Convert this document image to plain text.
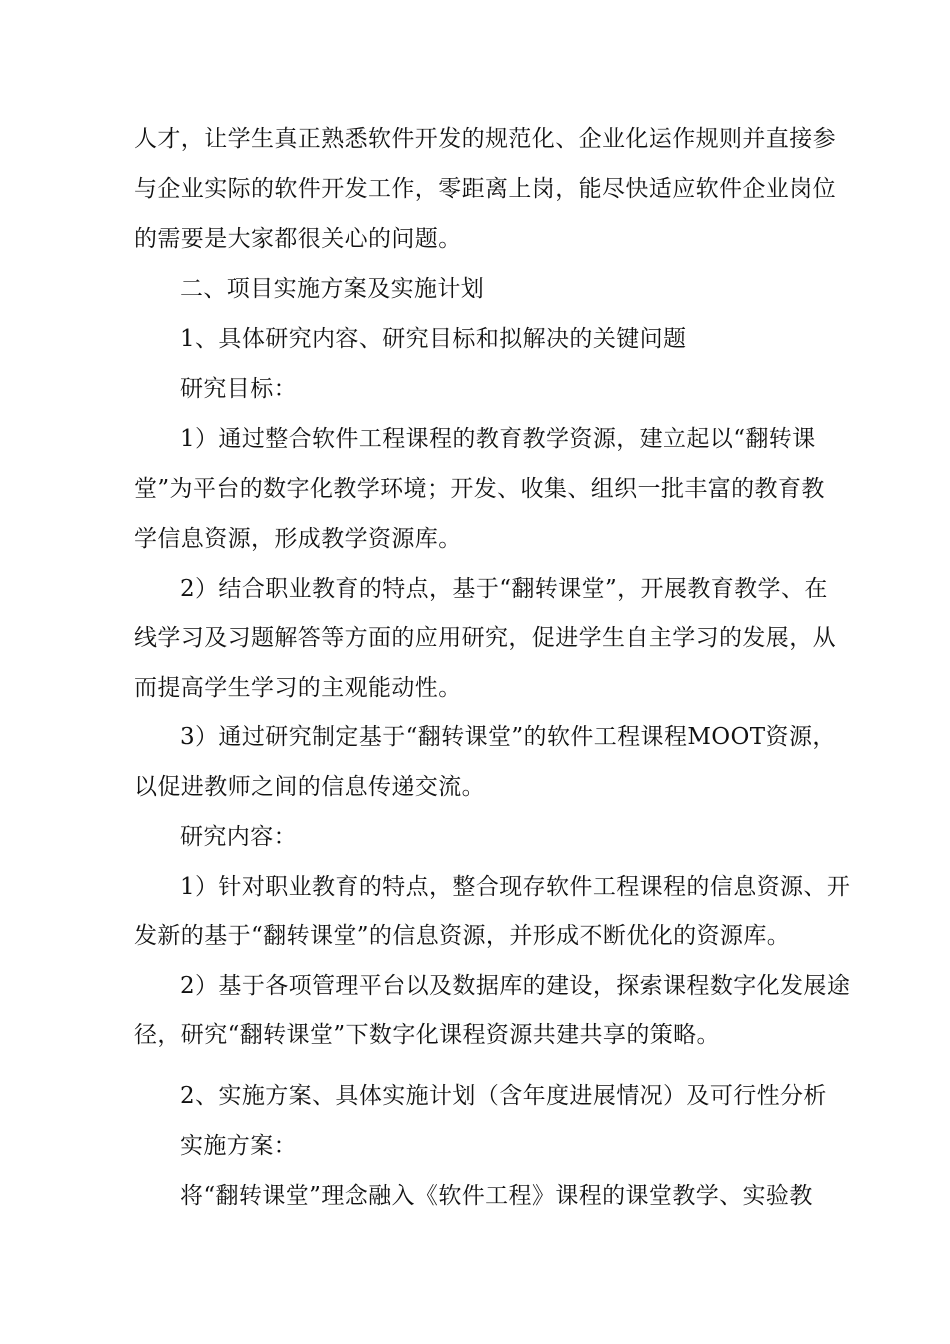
人才，让学生真正熟悉软件开发的规范化、企业化运作规则并直接参

与企业实际的软件开发工作，零距离上岗，能尽快适应软件企业岗位

的需要是大家都很关心的问题。

二、项目实施方案及实施计划

1、具体研究内容、研究目标和拟解决的关键问题

研究目标：

1）通过整合软件工程课程的教育教学资源，建立起以“翻转课

堂”为平台的数字化教学环境；开发、收集、组织一批丰富的教育教

学信息资源，形成教学资源库。

2）结合职业教育的特点，基于“翻转课堂”，开展教育教学、在

线学习及习题解答等方面的应用研究，促进学生自主学习的发展，从

而提高学生学习的主观能动性。

3）通过研究制定基于“翻转课堂”的软件工程课程MOOT资源，

以促进教师之间的信息传递交流。

研究内容：

1）针对职业教育的特点，整合现存软件工程课程的信息资源、开

发新的基于“翻转课堂”的信息资源，并形成不断优化的资源库。

2）基于各项管理平台以及数据库的建设，探索课程数字化发展途

径，研究“翻转课堂”下数字化课程资源共建共享的策略。

2、实施方案、具体实施计划（含年度进展情况）及可行性分析

实施方案：

将“翻转课堂”理念融入《软件工程》课程的课堂教学、实验教
